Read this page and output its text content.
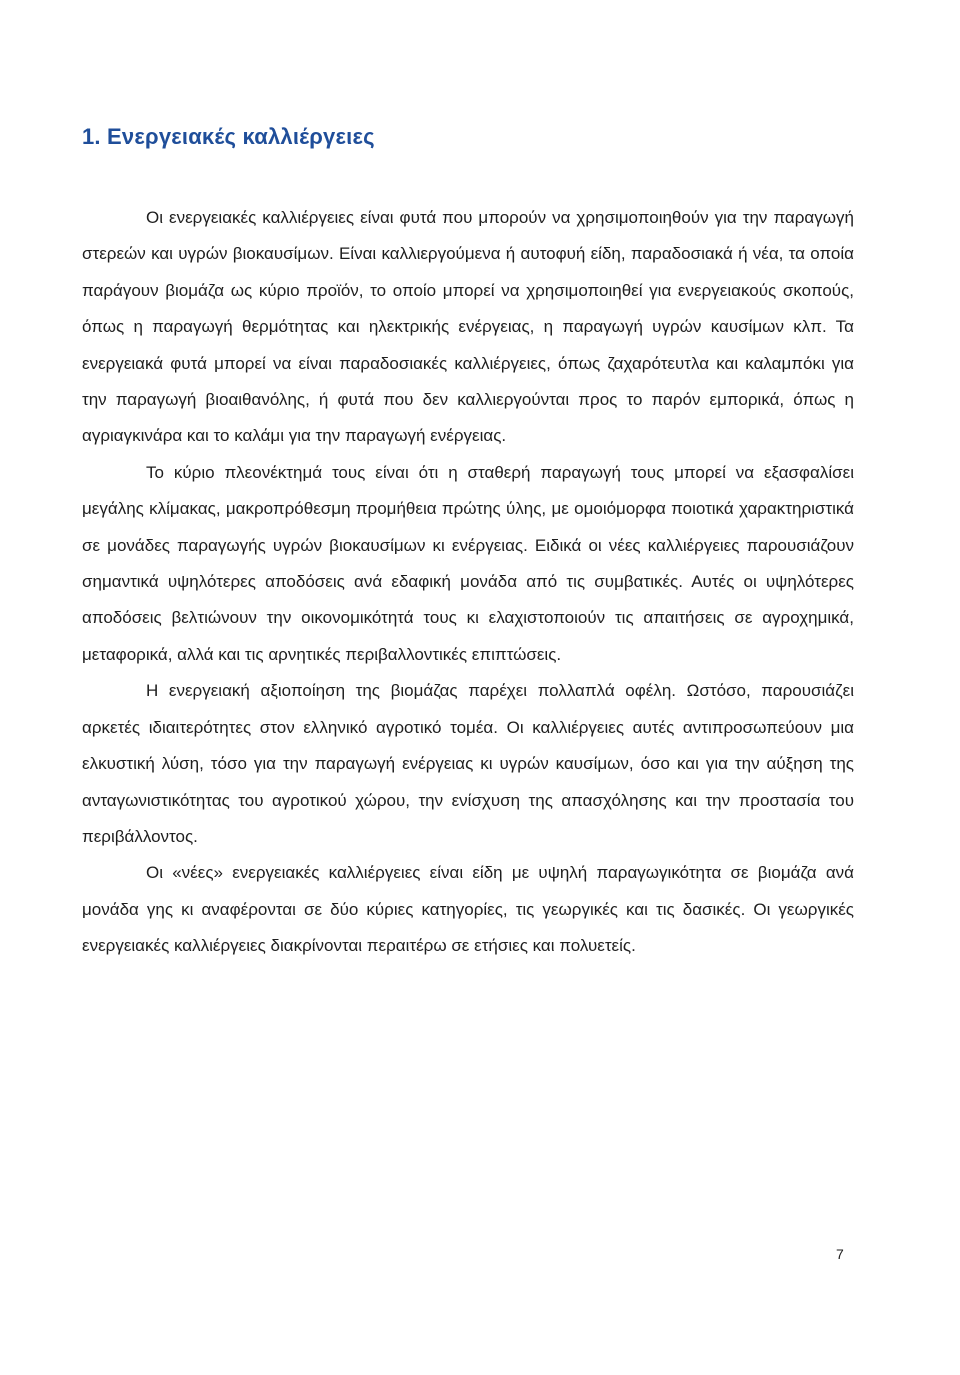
1. Ενεργειακές καλλιέργειες

Οι ενεργειακές καλλιέργειες είναι φυτά που μπορούν να χρησιμοποιηθούν για την παραγωγή στερεών και υγρών βιοκαυσίμων. Είναι καλλιεργούμενα ή αυτοφυή είδη, παραδοσιακά ή νέα, τα οποία παράγουν βιομάζα ως κύριο προϊόν, το οποίο μπορεί να χρησιμοποιηθεί για ενεργειακούς σκοπούς, όπως η παραγωγή θερμότητας και ηλεκτρικής ενέργειας, η παραγωγή υγρών καυσίμων κλπ. Τα ενεργειακά φυτά μπορεί να είναι παραδοσιακές καλλιέργειες, όπως ζαχαρότευτλα και καλαμπόκι για την παραγωγή βιοαιθανόλης, ή φυτά που δεν καλλιεργούνται προς το παρόν εμπορικά, όπως η αγριαγκινάρα και το καλάμι για την παραγωγή ενέργειας.

Το κύριο πλεονέκτημά τους είναι ότι η σταθερή παραγωγή τους μπορεί να εξασφαλίσει μεγάλης κλίμακας, μακροπρόθεσμη προμήθεια πρώτης ύλης, με ομοιόμορφα ποιοτικά χαρακτηριστικά σε μονάδες παραγωγής υγρών βιοκαυσίμων κι ενέργειας. Ειδικά οι νέες καλλιέργειες παρουσιάζουν σημαντικά υψηλότερες αποδόσεις ανά εδαφική μονάδα από τις συμβατικές. Αυτές οι υψηλότερες αποδόσεις βελτιώνουν την οικονομικότητά τους κι ελαχιστοποιούν τις απαιτήσεις σε αγροχημικά, μεταφορικά, αλλά και τις αρνητικές περιβαλλοντικές επιπτώσεις.

Η ενεργειακή αξιοποίηση της βιομάζας παρέχει πολλαπλά οφέλη. Ωστόσο, παρουσιάζει αρκετές ιδιαιτερότητες στον ελληνικό αγροτικό τομέα. Οι καλλιέργειες αυτές αντιπροσωπεύουν μια ελκυστική λύση, τόσο για την παραγωγή ενέργειας κι υγρών καυσίμων, όσο και για την αύξηση της ανταγωνιστικότητας του αγροτικού χώρου, την ενίσχυση της απασχόλησης και την προστασία του περιβάλλοντος.

Οι «νέες» ενεργειακές καλλιέργειες είναι είδη με υψηλή παραγωγικότητα σε βιομάζα ανά μονάδα γης κι αναφέρονται σε δύο κύριες κατηγορίες, τις γεωργικές και τις δασικές. Οι γεωργικές ενεργειακές καλλιέργειες διακρίνονται περαιτέρω σε ετήσιες και πολυετείς.

7
